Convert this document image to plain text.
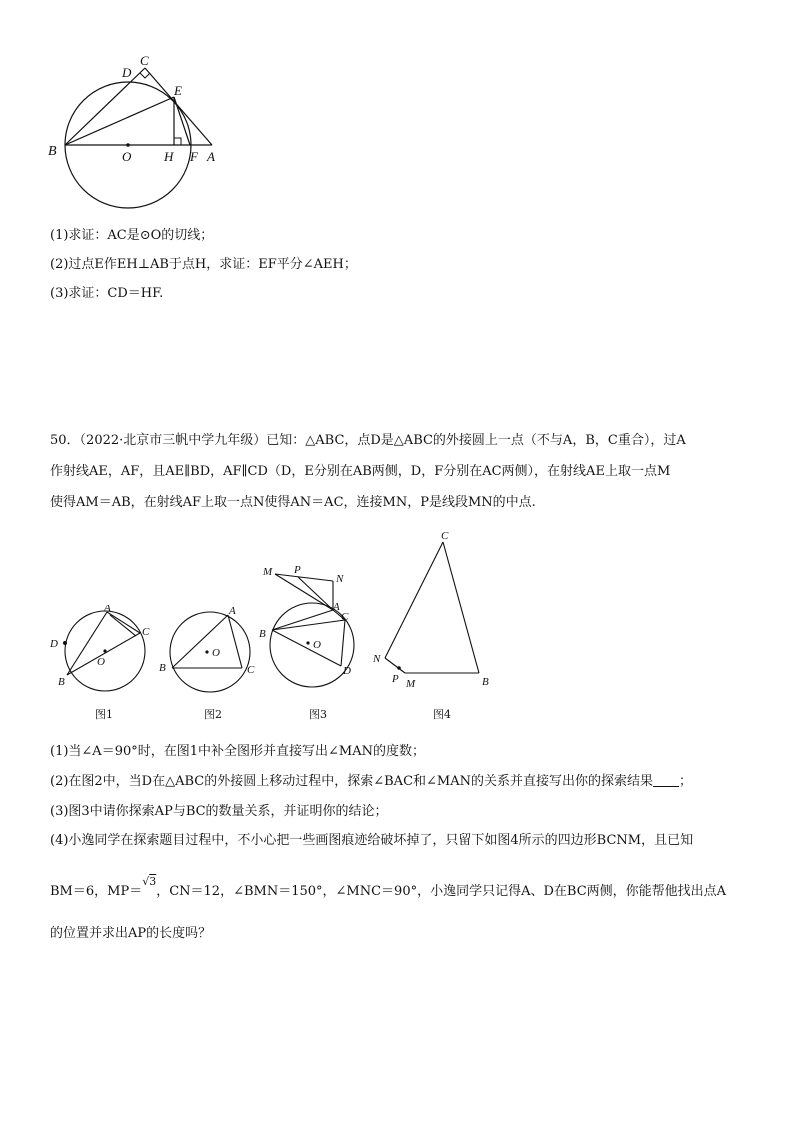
B	O	H F A
E
D
C
(1)求证：AC是⊙O的切线；
(2)过点E作EH⊥AB于点H，求证：EF平分∠AEH；
(3)求证：CD＝HF.
50．（2022·北京市三帆中学九年级）已知：△ABC，点D是△ABC的外接圆上一点（不与A，B，C重合），过A
作射线AE，AF，且AE∥BD，AF∥CD（D，E分别在AB两侧，D，F分别在AC两侧），在射线AE上取一点M
使得AM＝AB，在射线AF上取一点N使得AN＝AC，连接MN，P是线段MN的中点.
A
C
D
O
B
图1
A
O
B	C
图2
M P
N
A
C
B
O
D
图3
C
N
P M	B
图4
(1)当∠A＝90°时，在图1中补全图形并直接写出∠MAN的度数；
(2)在图2中，当D在△ABC的外接圆上移动过程中，探索∠BAC和∠MAN的关系并直接写出你的探索结果 ；
(3)图3中请你探索AP与BC的数量关系，并证明你的结论；
(4)小逸同学在探索题目过程中，不小心把一些画图痕迹给破坏掉了，只留下如图4所示的四边形BCNM，且已知
BM＝6，MP＝$^{√3}$，CN＝12，∠BMN＝150°，∠MNC＝90°，小逸同学只记得A、D在BC两侧，你能帮他找出点A
的位置并求出AP的长度吗？
